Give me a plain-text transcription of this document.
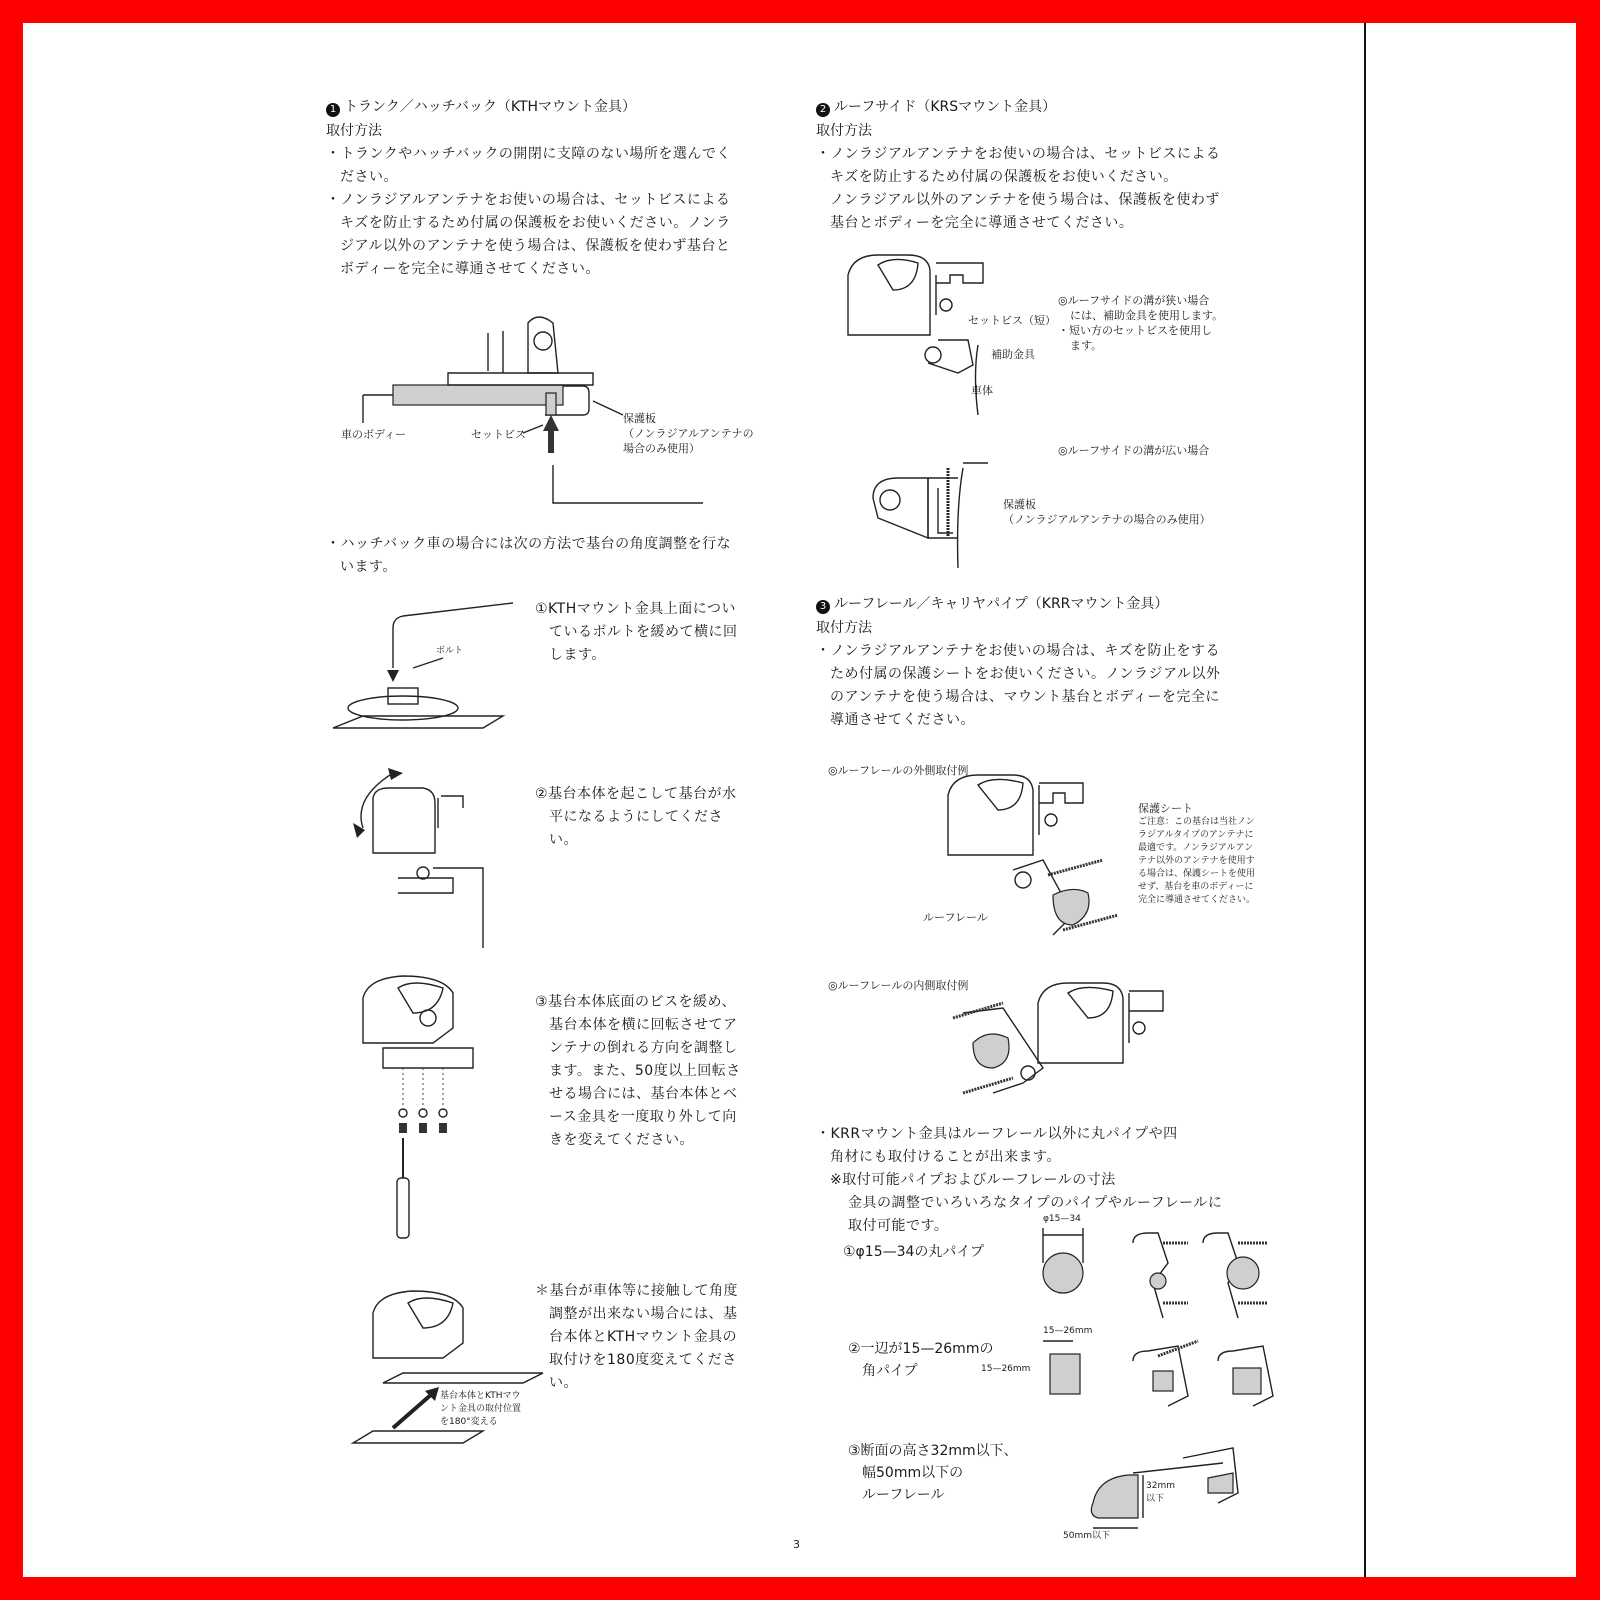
1 トランク／ハッチバック（KTHマウント金具）
取付方法
・トランクやハッチバックの開閉に支障のない場所を選んでく
ださい。
・ノンラジアルアンテナをお使いの場合は、セットビスによる
キズを防止するため付属の保護板をお使いください。ノンラ
ジアル以外のアンテナを使う場合は、保護板を使わず基台と
ボディーを完全に導通させてください。
車のボディー	セットビス
保護板
（ノンラジアルアンテナの
場合のみ使用）
・ハッチバック車の場合には次の方法で基台の角度調整を行な
います。
ボルト
①KTHマウント金具上面につい
ているボルトを緩めて横に回
します。
②基台本体を起こして基台が水
平になるようにしてくださ
い。
③基台本体底面のビスを緩め、
基台本体を横に回転させてア
ンテナの倒れる方向を調整し
ます。また、50度以上回転さ
せる場合には、基台本体とベ
ース金具を一度取り外して向
きを変えてください。
基台本体とKTHマウ
ント金具の取付位置
を180°変える
＊基台が車体等に接触して角度
調整が出来ない場合には、基
台本体とKTHマウント金具の
取付けを180度変えてくださ
い。
2 ルーフサイド（KRSマウント金具）
取付方法
・ノンラジアルアンテナをお使いの場合は、セットビスによる
キズを防止するため付属の保護板をお使いください。
ノンラジアル以外のアンテナを使う場合は、保護板を使わず
基台とボディーを完全に導通させてください。
セットビス（短）
補助金具
車体
◎ルーフサイドの溝が狭い場合
には、補助金具を使用します。
・短い方のセットビスを使用し
ます。
◎ルーフサイドの溝が広い場合
保護板
（ノンラジアルアンテナの場合のみ使用）
3 ルーフレール／キャリヤパイプ（KRRマウント金具）
取付方法
・ノンラジアルアンテナをお使いの場合は、キズを防止をする
ため付属の保護シートをお使いください。ノンラジアル以外
のアンテナを使う場合は、マウント基台とボディーを完全に
導通させてください。
◎ルーフレールの外側取付例
保護シート
ご注意：この基台は当社ノン
ラジアルタイプのアンテナに
最適です。ノンラジアルアン
テナ以外のアンテナを使用す
る場合は、保護シートを使用
せず、基台を車のボディーに
完全に導通させてください。
ルーフレール
◎ルーフレールの内側取付例
・KRRマウント金具はルーフレール以外に丸パイプや四
角材にも取付けることが出来ます。
※取付可能パイプおよびルーフレールの寸法
金具の調整でいろいろなタイプのパイプやルーフレールに
取付可能です。
①φ15—34の丸パイプ
φ15—34
②一辺が15—26mmの
角パイプ
15—26mm
15—26mm
③断面の高さ32mm以下、
幅50mm以下の
ルーフレール
32mm
以下
50mm以下
3
